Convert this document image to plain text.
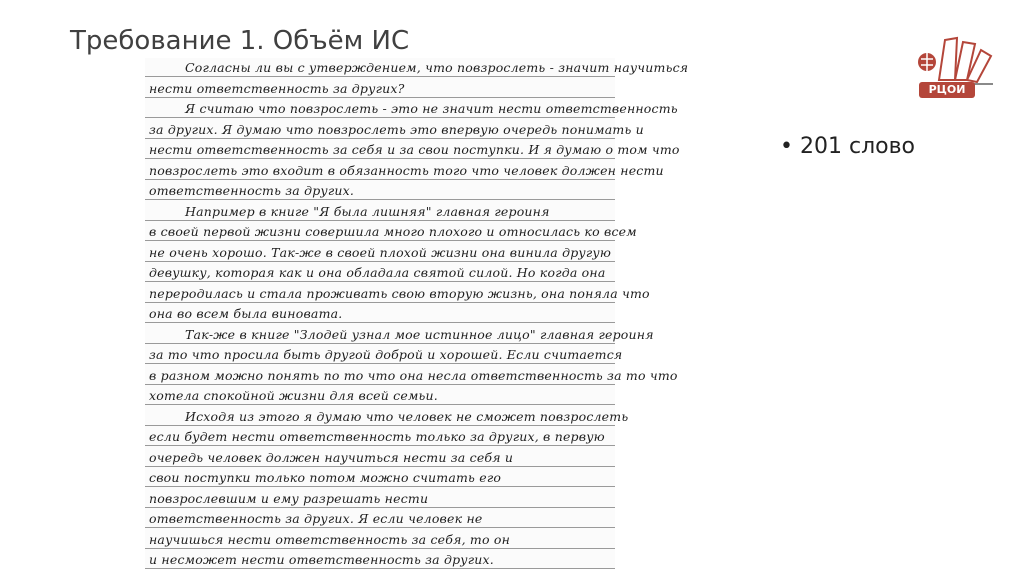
Требование 1. Объём ИС
РЦОИ
• 201 слово
Согласны ли вы с утверждением, что повзрослеть - значит научиться
нести ответственность за других?
Я считаю что повзрослеть - это не значит нести ответственность
за других. Я думаю что повзрослеть это впервую очередь понимать и
нести ответственность за себя и за свои поступки. И я думаю о том что
повзрослеть это входит в обязанность того что человек должен нести
ответственность за других.
Например в книге "Я была лишняя" главная героиня
в своей первой жизни совершила много плохого и относилась ко всем
не очень хорошо. Так-же в своей плохой жизни она винила другую
девушку, которая как и она обладала святой силой. Но когда она
переродилась и стала проживать свою вторую жизнь, она поняла что
она во всем была виновата.
Так-же в книге "Злодей узнал мое истинное лицо" главная героиня
за то что просила быть другой доброй и хорошей. Если считается
в разном можно понять по то что она несла ответственность за то что
хотела спокойной жизни для всей семьи.
Исходя из этого я думаю что человек не сможет повзрослеть
если будет нести ответственность только за других, в первую
очередь человек должен научиться нести за себя и
свои поступки только потом можно считать его
повзрослевшим и ему разрешать нести
ответственность за других. Я если человек не
научишься нести ответственность за себя, то он
и несможет нести ответственность за других.
